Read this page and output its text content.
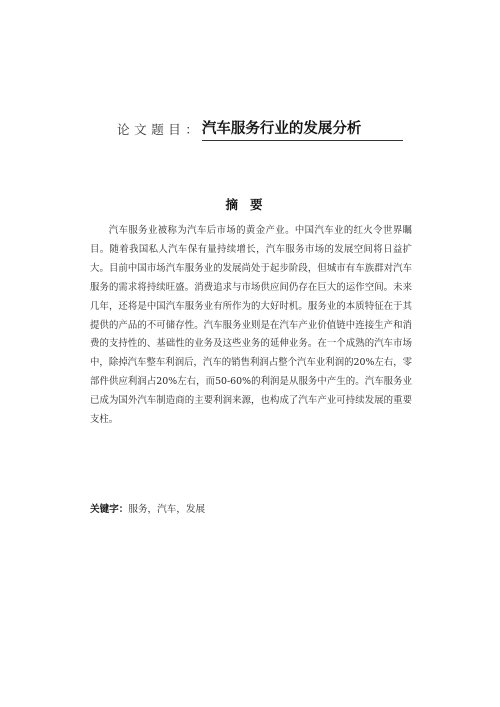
论文题目 ： 汽车服务行业的发展分析
摘要

汽车服务业被称为汽车后市场的黄金产业。中国汽车业的红火令世界瞩目。随着我国私人汽车保有量持续增长，汽车服务市场的发展空间将日益扩大。目前中国市场汽车服务业的发展尚处于起步阶段，但城市有车族群对汽车服务的需求将持续旺盛。消费追求与市场供应间仍存在巨大的运作空间。未来几年，还将是中国汽车服务业有所作为的大好时机。服务业的本质特征在于其提供的产品的不可储存性。汽车服务业则是在汽车产业价值链中连接生产和消费的支持性的、基础性的业务及这些业务的延伸业务。在一个成熟的汽车市场中，除掉汽车整车利润后，汽车的销售利润占整个汽车业利润的20%左右，零部件供应利润占20%左右，而50-60%的利润是从服务中产生的。汽车服务业已成为国外汽车制造商的主要利润来源，也构成了汽车产业可持续发展的重要支柱。

关键字：服务，汽车，发展
